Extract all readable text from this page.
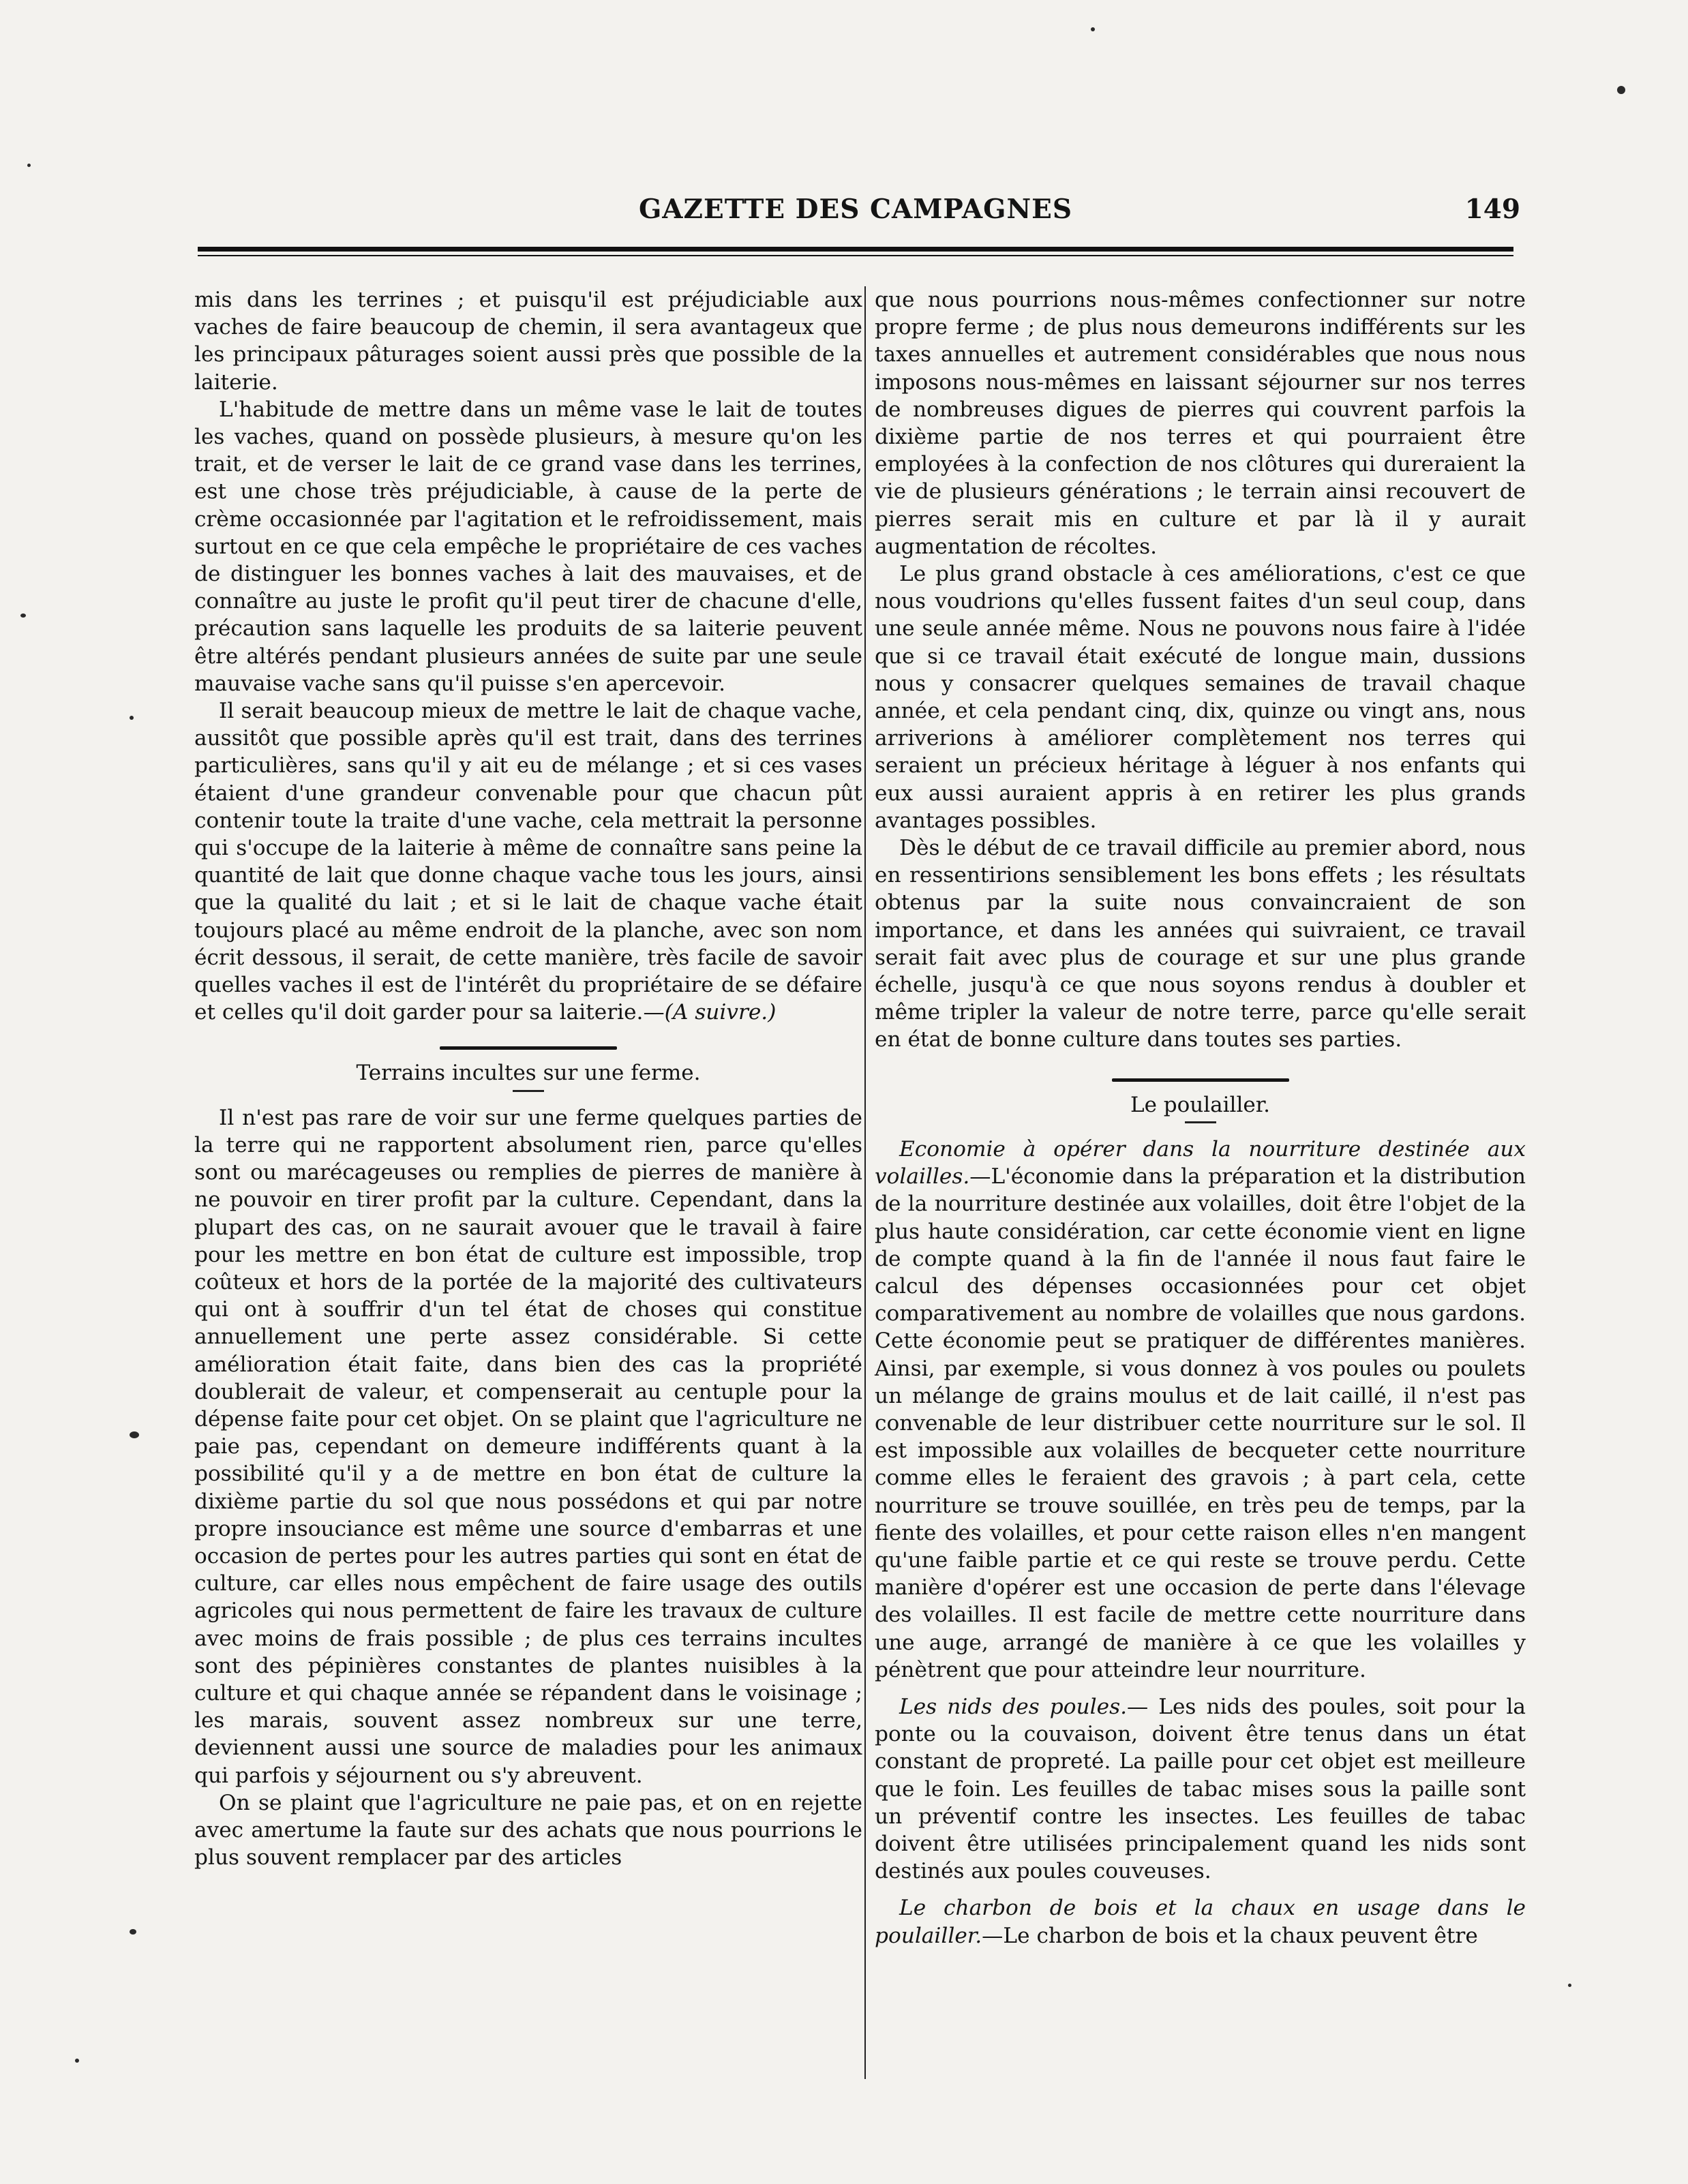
GAZETTE DES CAMPAGNES	149

mis dans les terrines ; et puisqu'il est préjudiciable aux vaches de faire beaucoup de chemin, il sera avantageux que les principaux pâturages soient aussi près que possible de la laiterie.

L'habitude de mettre dans un même vase le lait de toutes les vaches, quand on possède plusieurs, à mesure qu'on les trait, et de verser le lait de ce grand vase dans les terrines, est une chose très préjudiciable, à cause de la perte de crème occasionnée par l'agitation et le refroidissement, mais surtout en ce que cela empêche le propriétaire de ces vaches de distinguer les bonnes vaches à lait des mauvaises, et de connaître au juste le profit qu'il peut tirer de chacune d'elle, précaution sans laquelle les produits de sa laiterie peuvent être altérés pendant plusieurs années de suite par une seule mauvaise vache sans qu'il puisse s'en apercevoir.

Il serait beaucoup mieux de mettre le lait de chaque vache, aussitôt que possible après qu'il est trait, dans des terrines particulières, sans qu'il y ait eu de mélange ; et si ces vases étaient d'une grandeur convenable pour que chacun pût contenir toute la traite d'une vache, cela mettrait la personne qui s'occupe de la laiterie à même de connaître sans peine la quantité de lait que donne chaque vache tous les jours, ainsi que la qualité du lait ; et si le lait de chaque vache était toujours placé au même endroit de la planche, avec son nom écrit dessous, il serait, de cette manière, très facile de savoir quelles vaches il est de l'intérêt du propriétaire de se défaire et celles qu'il doit garder pour sa laiterie.—(A suivre.)

Terrains incultes sur une ferme.

Il n'est pas rare de voir sur une ferme quelques parties de la terre qui ne rapportent absolument rien, parce qu'elles sont ou marécageuses ou remplies de pierres de manière à ne pouvoir en tirer profit par la culture. Cependant, dans la plupart des cas, on ne saurait avouer que le travail à faire pour les mettre en bon état de culture est impossible, trop coûteux et hors de la portée de la majorité des cultivateurs qui ont à souffrir d'un tel état de choses qui constitue annuellement une perte assez considérable. Si cette amélioration était faite, dans bien des cas la propriété doublerait de valeur, et compenserait au centuple pour la dépense faite pour cet objet. On se plaint que l'agriculture ne paie pas, cependant on demeure indifférents quant à la possibilité qu'il y a de mettre en bon état de culture la dixième partie du sol que nous possédons et qui par notre propre insouciance est même une source d'embarras et une occasion de pertes pour les autres parties qui sont en état de culture, car elles nous empêchent de faire usage des outils agricoles qui nous permettent de faire les travaux de culture avec moins de frais possible ; de plus ces terrains incultes sont des pépinières constantes de plantes nuisibles à la culture et qui chaque année se répandent dans le voisinage ; les marais, souvent assez nombreux sur une terre, deviennent aussi une source de maladies pour les animaux qui parfois y séjournent ou s'y abreuvent.

On se plaint que l'agriculture ne paie pas, et on en rejette avec amertume la faute sur des achats que nous pourrions le plus souvent remplacer par des articles

que nous pourrions nous-mêmes confectionner sur notre propre ferme ; de plus nous demeurons indifférents sur les taxes annuelles et autrement considérables que nous nous imposons nous-mêmes en laissant séjourner sur nos terres de nombreuses digues de pierres qui couvrent parfois la dixième partie de nos terres et qui pourraient être employées à la confection de nos clôtures qui dureraient la vie de plusieurs générations ; le terrain ainsi recouvert de pierres serait mis en culture et par là il y aurait augmentation de récoltes.

Le plus grand obstacle à ces améliorations, c'est ce que nous voudrions qu'elles fussent faites d'un seul coup, dans une seule année même. Nous ne pouvons nous faire à l'idée que si ce travail était exécuté de longue main, dussions nous y consacrer quelques semaines de travail chaque année, et cela pendant cinq, dix, quinze ou vingt ans, nous arriverions à améliorer complètement nos terres qui seraient un précieux héritage à léguer à nos enfants qui eux aussi auraient appris à en retirer les plus grands avantages possibles.

Dès le début de ce travail difficile au premier abord, nous en ressentirions sensiblement les bons effets ; les résultats obtenus par la suite nous convaincraient de son importance, et dans les années qui suivraient, ce travail serait fait avec plus de courage et sur une plus grande échelle, jusqu'à ce que nous soyons rendus à doubler et même tripler la valeur de notre terre, parce qu'elle serait en état de bonne culture dans toutes ses parties.

Le poulailler.

Economie à opérer dans la nourriture destinée aux volailles.—L'économie dans la préparation et la distribution de la nourriture destinée aux volailles, doit être l'objet de la plus haute considération, car cette économie vient en ligne de compte quand à la fin de l'année il nous faut faire le calcul des dépenses occasionnées pour cet objet comparativement au nombre de volailles que nous gardons. Cette économie peut se pratiquer de différentes manières. Ainsi, par exemple, si vous donnez à vos poules ou poulets un mélange de grains moulus et de lait caillé, il n'est pas convenable de leur distribuer cette nourriture sur le sol. Il est impossible aux volailles de becqueter cette nourriture comme elles le feraient des gravois ; à part cela, cette nourriture se trouve souillée, en très peu de temps, par la fiente des volailles, et pour cette raison elles n'en mangent qu'une faible partie et ce qui reste se trouve perdu. Cette manière d'opérer est une occasion de perte dans l'élevage des volailles. Il est facile de mettre cette nourriture dans une auge, arrangé de manière à ce que les volailles y pénètrent que pour atteindre leur nourriture.

Les nids des poules.— Les nids des poules, soit pour la ponte ou la couvaison, doivent être tenus dans un état constant de propreté. La paille pour cet objet est meilleure que le foin. Les feuilles de tabac mises sous la paille sont un préventif contre les insectes. Les feuilles de tabac doivent être utilisées principalement quand les nids sont destinés aux poules couveuses.

Le charbon de bois et la chaux en usage dans le poulailler.—Le charbon de bois et la chaux peuvent être
